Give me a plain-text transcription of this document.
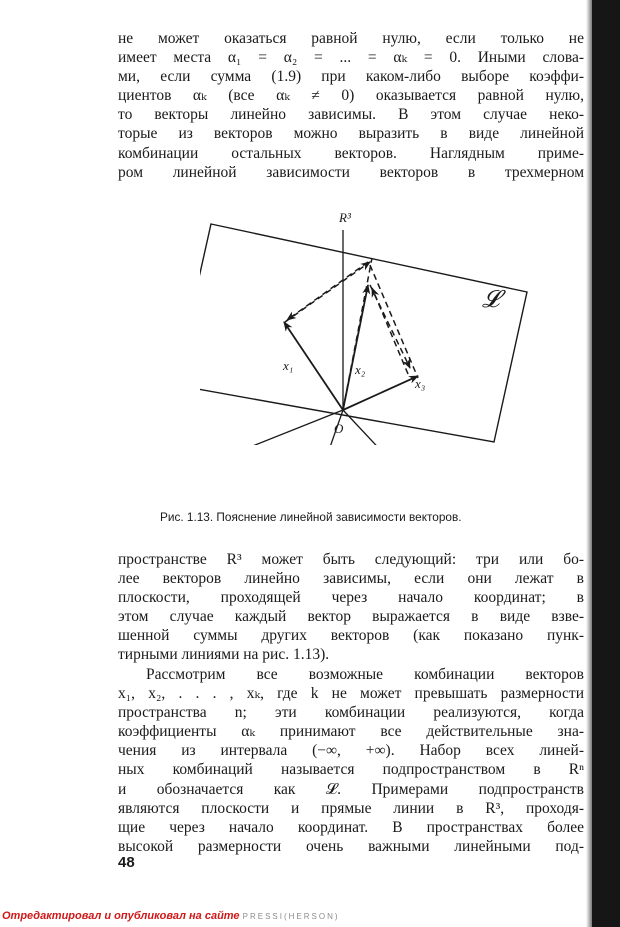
не может оказаться равной нулю, если только не
имеет места α₁ = α₂ = ... = αₖ = 0. Иными слова-
ми, если сумма (1.9) при каком-либо выборе коэффи-
циентов αₖ (все αₖ ≠ 0) оказывается равной нулю,
то векторы линейно зависимы. В этом случае неко-
торые из векторов можно выразить в виде линейной
комбинации остальных векторов. Наглядным приме-
ром линейной зависимости векторов в трехмерном
R³
𝓛
O
x₁	x₂
x₃
Рис. 1.13. Пояснение линейной зависимости векторов.
пространстве R³ может быть следующий: три или бо-
лее векторов линейно зависимы, если они лежат в
плоскости, проходящей через начало координат; в
этом случае каждый вектор выражается в виде взве-
шенной суммы других векторов (как показано пунк-
тирными линиями на рис. 1.13).
Рассмотрим все возможные комбинации векторов
x₁, x₂, . . . , xₖ, где k не может превышать размерности
пространства n; эти комбинации реализуются, когда
коэффициенты αₖ принимают все действительные зна-
чения из интервала (−∞, +∞). Набор всех линей-
ных комбинаций называется подпространством в Rⁿ
и обозначается как 𝓛. Примерами подпространств
являются плоскости и прямые линии в R³, проходя-
щие через начало координат. В пространствах более
высокой размерности очень важными линейными под-
48
Отредактировал и опубликовал на сайте PRESSI(HERSON)
